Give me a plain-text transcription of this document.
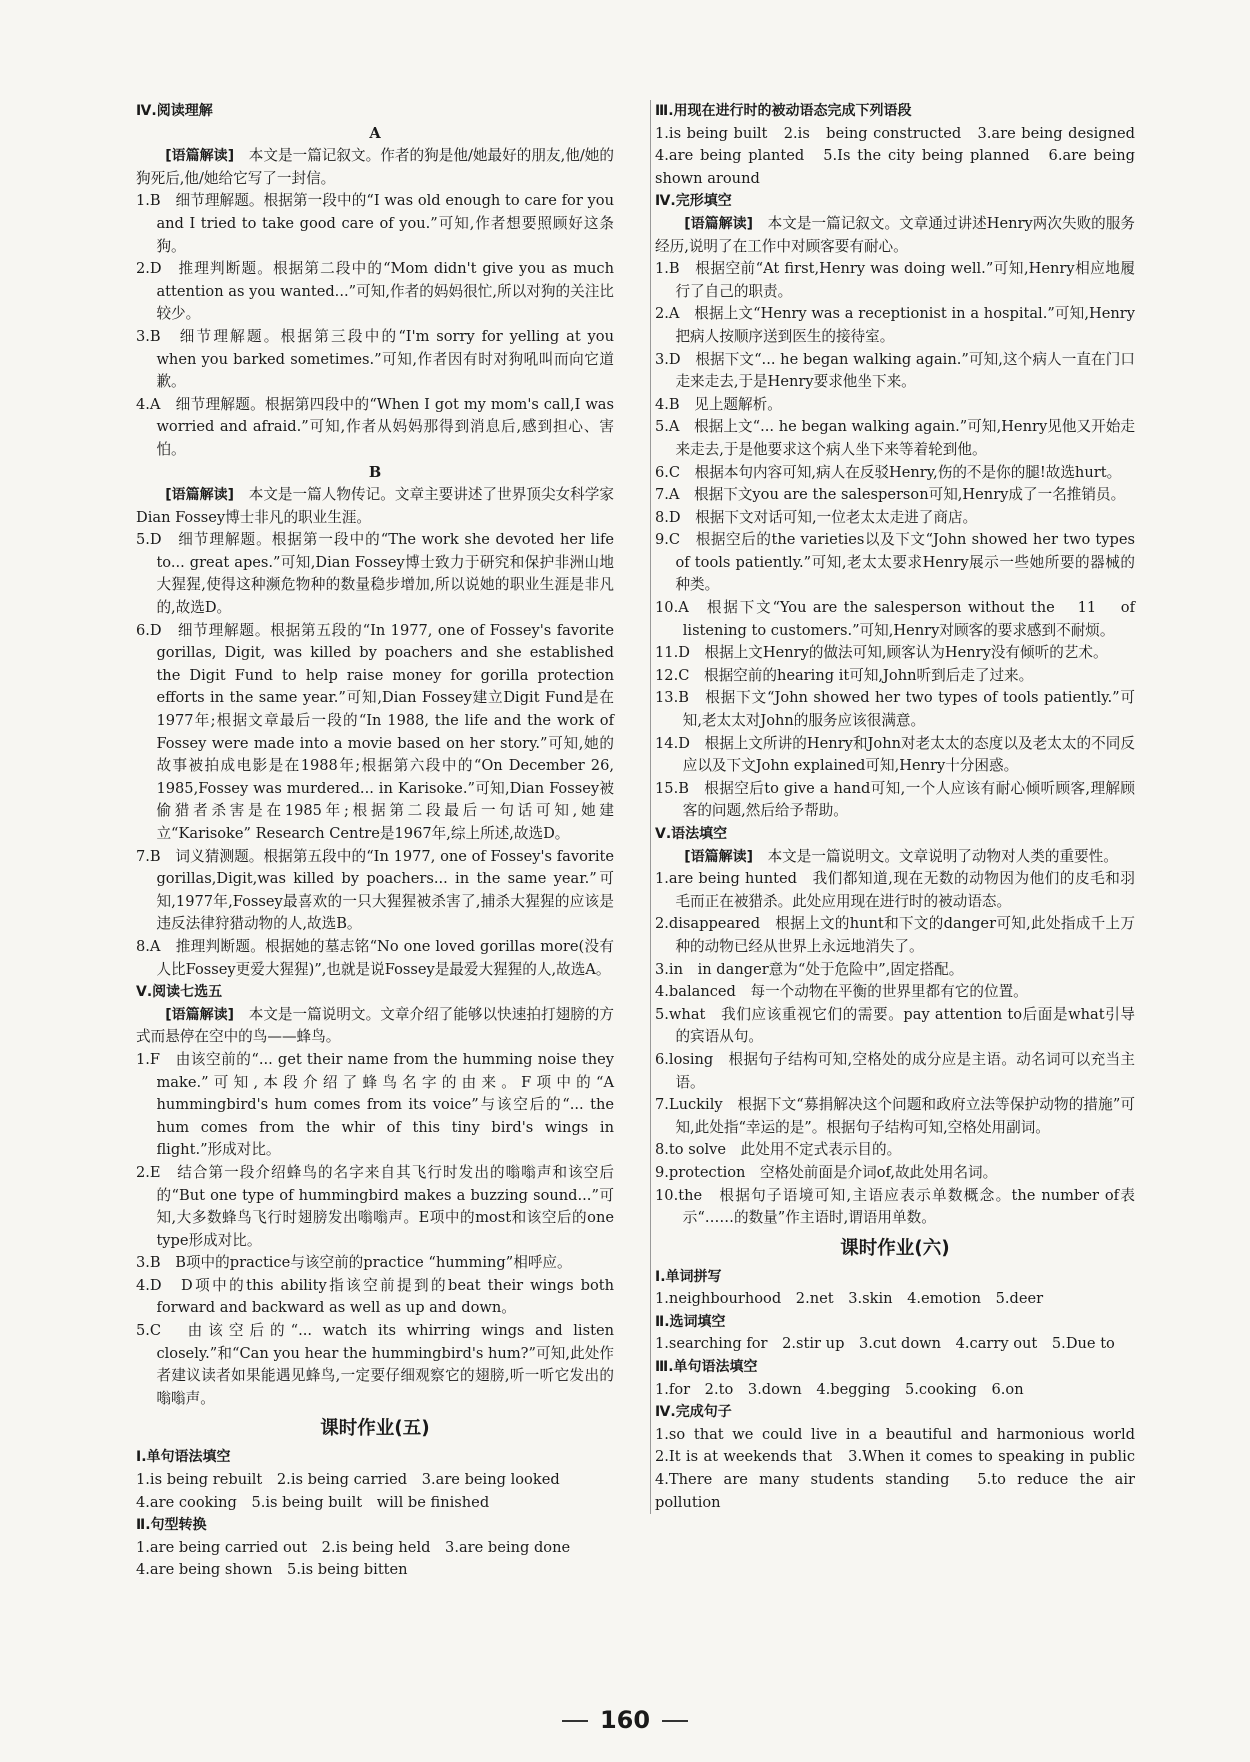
Ⅳ.阅读理解
A
[语篇解读]　本文是一篇记叙文。作者的狗是他/她最好的朋友,他/她的狗死后,他/她给它写了一封信。
1.B　细节理解题。根据第一段中的“I was old enough to care for you and I tried to take good care of you.”可知,作者想要照顾好这条狗。
2.D　推理判断题。根据第二段中的“Mom didn't give you as much attention as you wanted...”可知,作者的妈妈很忙,所以对狗的关注比较少。
3.B　细节理解题。根据第三段中的“I'm sorry for yelling at you when you barked sometimes.”可知,作者因有时对狗吼叫而向它道歉。
4.A　细节理解题。根据第四段中的“When I got my mom's call,I was worried and afraid.”可知,作者从妈妈那得到消息后,感到担心、害怕。
B
[语篇解读]　本文是一篇人物传记。文章主要讲述了世界顶尖女科学家Dian Fossey博士非凡的职业生涯。
5.D　细节理解题。根据第一段中的“The work she devoted her life to... great apes.”可知,Dian Fossey博士致力于研究和保护非洲山地大猩猩,使得这种濒危物种的数量稳步增加,所以说她的职业生涯是非凡的,故选D。
6.D　细节理解题。根据第五段的“In 1977, one of Fossey's favorite gorillas, Digit, was killed by poachers and she established the Digit Fund to help raise money for gorilla protection efforts in the same year.”可知,Dian Fossey建立Digit Fund是在1977年;根据文章最后一段的“In 1988, the life and the work of Fossey were made into a movie based on her story.”可知,她的故事被拍成电影是在1988年;根据第六段中的“On December 26, 1985,Fossey was murdered... in Karisoke.”可知,Dian Fossey被偷猎者杀害是在1985年;根据第二段最后一句话可知,她建立“Karisoke” Research Centre是1967年,综上所述,故选D。
7.B　词义猜测题。根据第五段中的“In 1977, one of Fossey's favorite gorillas,Digit,was killed by poachers... in the same year.”可知,1977年,Fossey最喜欢的一只大猩猩被杀害了,捕杀大猩猩的应该是违反法律狩猎动物的人,故选B。
8.A　推理判断题。根据她的墓志铭“No one loved gorillas more(没有人比Fossey更爱大猩猩)”,也就是说Fossey是最爱大猩猩的人,故选A。
Ⅴ.阅读七选五
[语篇解读]　本文是一篇说明文。文章介绍了能够以快速拍打翅膀的方式而悬停在空中的鸟——蜂鸟。
1.F　由该空前的“... get their name from the humming noise they make.”可知,本段介绍了蜂鸟名字的由来。F项中的“A hummingbird's hum comes from its voice”与该空后的“... the hum comes from the whir of this tiny bird's wings in flight.”形成对比。
2.E　结合第一段介绍蜂鸟的名字来自其飞行时发出的嗡嗡声和该空后的“But one type of hummingbird makes a buzzing sound...”可知,大多数蜂鸟飞行时翅膀发出嗡嗡声。E项中的most和该空后的one type形成对比。
3.B　B项中的practice与该空前的practice “humming”相呼应。
4.D　D项中的this ability指该空前提到的beat their wings both forward and backward as well as up and down。
5.C　由该空后的“... watch its whirring wings and listen closely.”和“Can you hear the hummingbird's hum?”可知,此处作者建议读者如果能遇见蜂鸟,一定要仔细观察它的翅膀,听一听它发出的嗡嗡声。
课时作业(五)
Ⅰ.单句语法填空
1.is being rebuilt　2.is being carried　3.are being looked
4.are cooking　5.is being built　will be finished
Ⅱ.句型转换
1.are being carried out　2.is being held　3.are being done
4.are being shown　5.is being bitten
Ⅲ.用现在进行时的被动语态完成下列语段
1.is being built　2.is　being constructed　3.are being designed　4.are being planted　5.Is the city being planned　6.are being shown around
Ⅳ.完形填空
[语篇解读]　本文是一篇记叙文。文章通过讲述Henry两次失败的服务经历,说明了在工作中对顾客要有耐心。
1.B　根据空前“At first,Henry was doing well.”可知,Henry相应地履行了自己的职责。
2.A　根据上文“Henry was a receptionist in a hospital.”可知,Henry把病人按顺序送到医生的接待室。
3.D　根据下文“... he began walking again.”可知,这个病人一直在门口走来走去,于是Henry要求他坐下来。
4.B　见上题解析。
5.A　根据上文“... he began walking again.”可知,Henry见他又开始走来走去,于是他要求这个病人坐下来等着轮到他。
6.C　根据本句内容可知,病人在反驳Henry,伤的不是你的腿!故选hurt。
7.A　根据下文you are the salesperson可知,Henry成了一名推销员。
8.D　根据下文对话可知,一位老太太走进了商店。
9.C　根据空后的the varieties以及下文“John showed her two types of tools patiently.”可知,老太太要求Henry展示一些她所要的器械的种类。
10.A　根据下文“You are the salesperson without the 　11　 of listening to customers.”可知,Henry对顾客的要求感到不耐烦。
11.D　根据上文Henry的做法可知,顾客认为Henry没有倾听的艺术。
12.C　根据空前的hearing it可知,John听到后走了过来。
13.B　根据下文“John showed her two types of tools patiently.”可知,老太太对John的服务应该很满意。
14.D　根据上文所讲的Henry和John对老太太的态度以及老太太的不同反应以及下文John explained可知,Henry十分困惑。
15.B　根据空后to give a hand可知,一个人应该有耐心倾听顾客,理解顾客的问题,然后给予帮助。
Ⅴ.语法填空
[语篇解读]　本文是一篇说明文。文章说明了动物对人类的重要性。
1.are being hunted　我们都知道,现在无数的动物因为他们的皮毛和羽毛而正在被猎杀。此处应用现在进行时的被动语态。
2.disappeared　根据上文的hunt和下文的danger可知,此处指成千上万种的动物已经从世界上永远地消失了。
3.in　in danger意为“处于危险中”,固定搭配。
4.balanced　每一个动物在平衡的世界里都有它的位置。
5.what　我们应该重视它们的需要。pay attention to后面是what引导的宾语从句。
6.losing　根据句子结构可知,空格处的成分应是主语。动名词可以充当主语。
7.Luckily　根据下文“募捐解决这个问题和政府立法等保护动物的措施”可知,此处指“幸运的是”。根据句子结构可知,空格处用副词。
8.to solve　此处用不定式表示目的。
9.protection　空格处前面是介词of,故此处用名词。
10.the　根据句子语境可知,主语应表示单数概念。the number of表示“……的数量”作主语时,谓语用单数。
课时作业(六)
Ⅰ.单词拼写
1.neighbourhood　2.net　3.skin　4.emotion　5.deer
Ⅱ.选词填空
1.searching for　2.stir up　3.cut down　4.carry out　5.Due to
Ⅲ.单句语法填空
1.for　2.to　3.down　4.begging　5.cooking　6.on
Ⅳ.完成句子
1.so that we could live in a beautiful and harmonious world　2.It is at weekends that　3.When it comes to speaking in public　4.There are many students standing　5.to reduce the air pollution
160
